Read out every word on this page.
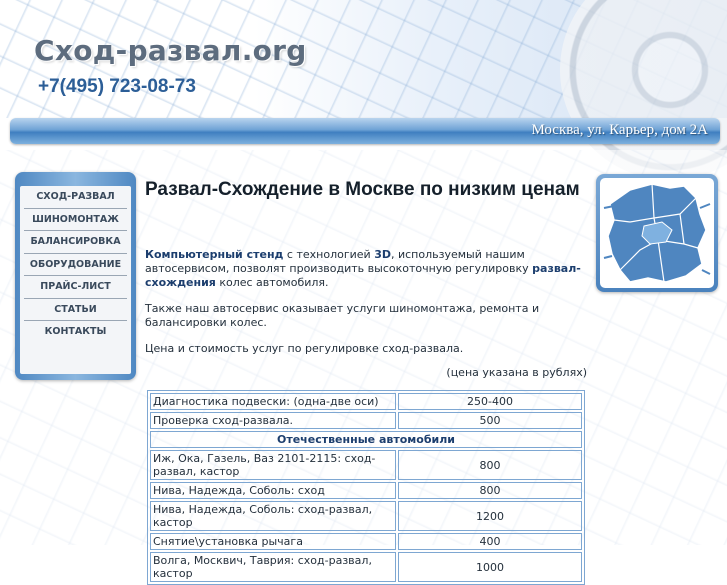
Сход-развал.org
+7(495) 723-08-73
Москва, ул. Карьер, дом 2А
СХОД-РАЗВАЛ
ШИНОМОНТАЖ
БАЛАНСИРОВКА
ОБОРУДОВАНИЕ
ПРАЙС-ЛИСТ
СТАТЬИ
КОНТАКТЫ
Развал-Схождение в Москве по низким ценам

Компьютерный стенд с технологией 3D, используемый нашим автосервисом, позволят производить высокоточную регулировку развал-схождения колес автомобиля.

Также наш автосервис оказывает услуги шиномонтажа, ремонта и балансировки колес.

Цена и стоимость услуг по регулировке сход-развала.

(цена указана в рублях)

Диагностика подвески: (одна-две оси)	250-400
Проверка сход-развала.	500
Отечественные автомобили	
Иж, Ока, Газель, Ваз 2101-2115: сход-развал, кастор	800
Нива, Надежда, Соболь: сход	800
Нива, Надежда, Соболь: сход-развал, кастор	1200
Снятие\установка рычага	400
Волга, Москвич, Таврия: сход-развал, кастор	1000
